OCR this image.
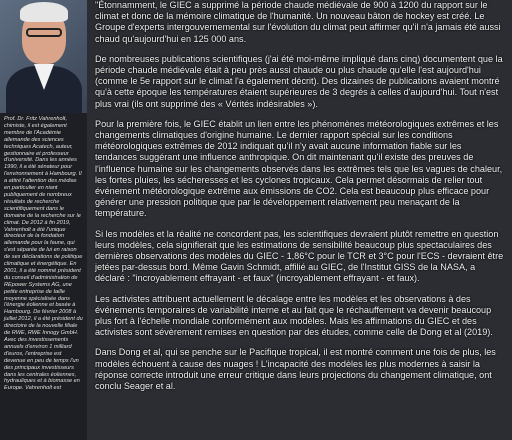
Prof. Dr. Fritz Vahrenholt, chimiste, il est également membre de l'Académie allemande des sciences techniques Acatech, auteur, gestionnaire et professeur d'université. Dans les années 1990, il a été sénateur pour l'environnement à Hambourg. Il a attiré l'attention des médias en particulier en niant publiquement de nombreux résultats de recherche scientifiquement dans le domaine de la recherche sur le climat. De 2012 à fin 2019, Vahrenholt a été l'unique directeur de la fondation allemande pour la faune, qui s'est séparée de lui en raison de ses déclarations de politique climatique et énergétique. En 2001, il a été nommé président du conseil d'administration de REpower Systems AG, une petite entreprise de taille moyenne spécialisée dans l'énergie éolienne et basée à Hambourg. De février 2008 à juillet 2012, il a été président du directoire de la nouvelle filiale de RWE, RWE Innogy GmbH. Avec des investissements annuels d'environ 1 milliard d'euros, l'entreprise est devenue en peu de temps l'un des principaux investisseurs dans les centrales éoliennes, hydrauliques et à biomasse en Europe. Vahrenholt est

"Étonnamment, le GIEC a supprimé la période chaude médiévale de 900 à 1200 du rapport sur le climat et donc de la mémoire climatique de l'humanité. Un nouveau bâton de hockey est créé. Le Groupe d'experts intergouvernemental sur l'évolution du climat peut affirmer qu'il n'a jamais été aussi chaud qu'aujourd'hui en 125 000 ans.

De nombreuses publications scientifiques (j'ai été moi-même impliqué dans cinq) documentent que la période chaude médiévale était à peu près aussi chaude ou plus chaude qu'elle l'est aujourd'hui (comme le 5e rapport sur le climat l'a également décrit). Des dizaines de publications avaient montré qu'à cette époque les températures étaient supérieures de 3 degrés à celles d'aujourd'hui. Tout n'est plus vrai (ils ont supprimé des « Vérités indésirables »).

Pour la première fois, le GIEC établit un lien entre les phénomènes météorologiques extrêmes et les changements climatiques d'origine humaine. Le dernier rapport spécial sur les conditions météorologiques extrêmes de 2012 indiquait qu'il n'y avait aucune information fiable sur les tendances suggérant une influence anthropique. On dit maintenant qu'il existe des preuves de l'influence humaine sur les changements observés dans les extrêmes tels que les vagues de chaleur, les fortes pluies, les sécheresses et les cyclones tropicaux. Cela permet désormais de relier tout événement météorologique extrême aux émissions de CO2. Cela est beaucoup plus efficace pour générer une pression politique que par le développement relativement peu menaçant de la température.

Si les modèles et la réalité ne concordent pas, les scientifiques devraient plutôt remettre en question leurs modèles, cela signifierait que les estimations de sensibilité beaucoup plus spectaculaires des dernières observations des modèles du GIEC - 1,86°C pour le TCR et 3°C pour l'ECS - devraient être jetées par-dessus bord. Même Gavin Schmidt, affilié au GIEC, de l'Institut GISS de la NASA, a déclaré : "incroyablement effrayant - et faux" (incroyablement effrayant - et faux).

Les activistes attribuent actuellement le décalage entre les modèles et les observations à des événements temporaires de variabilité interne et au fait que le réchauffement va devenir beaucoup plus fort à l'échelle mondiale conformément aux modèles. Mais les affirmations du GIEC et des activistes sont sévèrement remises en question par des études, comme celle de Dong et al (2019).

Dans Dong et al, qui se penche sur le Pacifique tropical, il est montré comment une fois de plus, les modèles échouent à cause des nuages ! L'incapacité des modèles les plus modernes à saisir la réponse correcte introduit une erreur critique dans leurs projections du changement climatique, ont conclu Seager et al.
